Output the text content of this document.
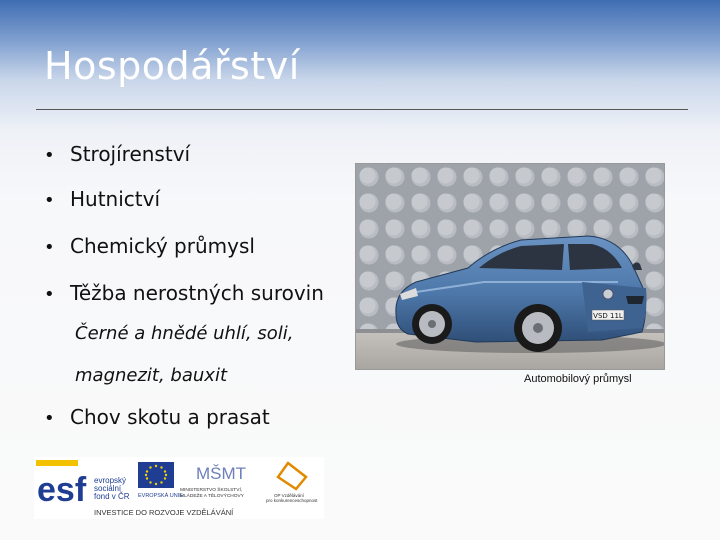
Hospodářství
• Strojírenství
• Hutnictví
• Chemický průmysl
• Těžba nerostných surovin
• Chov skotu a prasat
Černé a hnědé uhlí, soli,
magnezit, bauxit
VSD 11L
Automobilový průmysl
esf evropský
sociální
fond v ČR EVROPSKÁ UNIE
MŠMT
MINISTERSTVO ŠKOLSTVÍ,
MLÁDEŽE A TĚLOVÝCHOVY	OP Vzdělávání
pro konkurenceschopnost
INVESTICE DO ROZVOJE VZDĚLÁVÁNÍ
